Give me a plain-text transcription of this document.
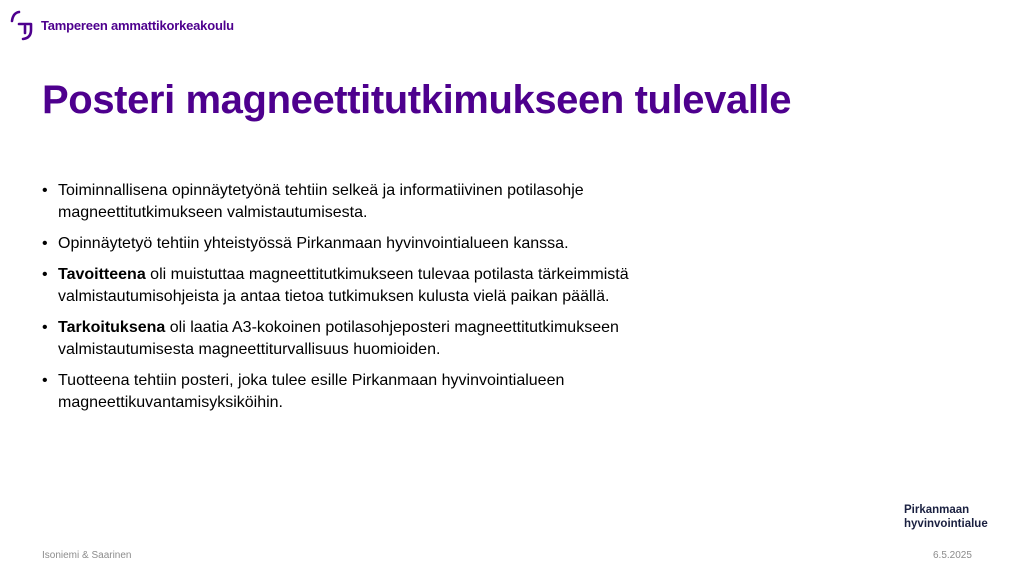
Tampereen ammattikorkeakoulu
Posteri magneettitutkimukseen tulevalle
• Toiminnallisena opinnäytetyönä tehtiin selkeä ja informatiivinen potilasohje magneettitutkimukseen valmistautumisesta.
• Opinnäytetyö tehtiin yhteistyössä Pirkanmaan hyvinvointialueen kanssa.
• Tavoitteena oli muistuttaa magneettitutkimukseen tulevaa potilasta tärkeimmistä valmistautumisohjeista ja antaa tietoa tutkimuksen kulusta vielä paikan päällä.
• Tarkoituksena oli laatia A3-kokoinen potilasohjeposteri magneettitutkimukseen valmistautumisesta magneettiturvallisuus huomioiden.
• Tuotteena tehtiin posteri, joka tulee esille Pirkanmaan hyvinvointialueen magneettikuvantamisyksiköihin.
Pirkanmaan
hyvinvointialue
Isoniemi & Saarinen	6.5.2025
